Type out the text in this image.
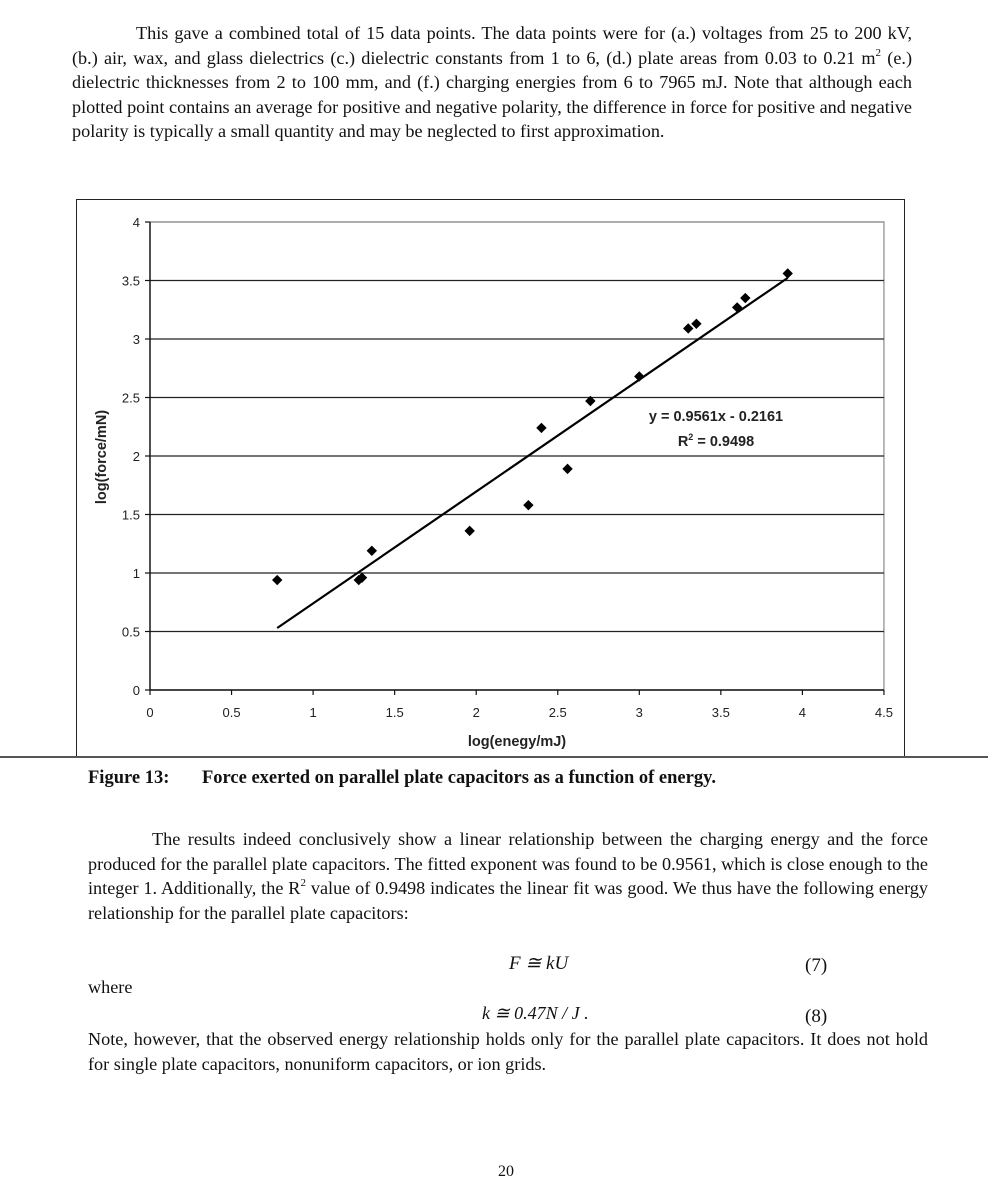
This gave a combined total of 15 data points. The data points were for (a.) voltages from 25 to 200 kV, (b.) air, wax, and glass dielectrics (c.) dielectric constants from 1 to 6, (d.) plate areas from 0.03 to 0.21 $m^2$ (e.) dielectric thicknesses from 2 to 100 mm, and (f.) charging energies from 6 to 7965 mJ. Note that although each plotted point contains an average for positive and negative polarity, the difference in force for positive and negative polarity is typically a small quantity and may be neglected to first approximation.
0
0.5
1
1.5
2
2.5
3
3.5
4
0	0.5	1	1.5	2	2.5	3	3.5	4	4.5
y = 0.9561x - 0.2161
$R^2 = 0.9498$
log(enegy/mJ)
log(force/mN)
Figure 13: Force exerted on parallel plate capacitors as a function of energy.
The results indeed conclusively show a linear relationship between the charging energy and the force produced for the parallel plate capacitors. The fitted exponent was found to be 0.9561, which is close enough to the integer 1. Additionally, the $R^2$ value of 0.9498 indicates the linear fit was good. We thus have the following energy relationship for the parallel plate capacitors:
F ≅ kU	(7)
where
k ≅ 0.47N / J .	(8)
Note, however, that the observed energy relationship holds only for the parallel plate capacitors. It does not hold for single plate capacitors, nonuniform capacitors, or ion grids.
20
